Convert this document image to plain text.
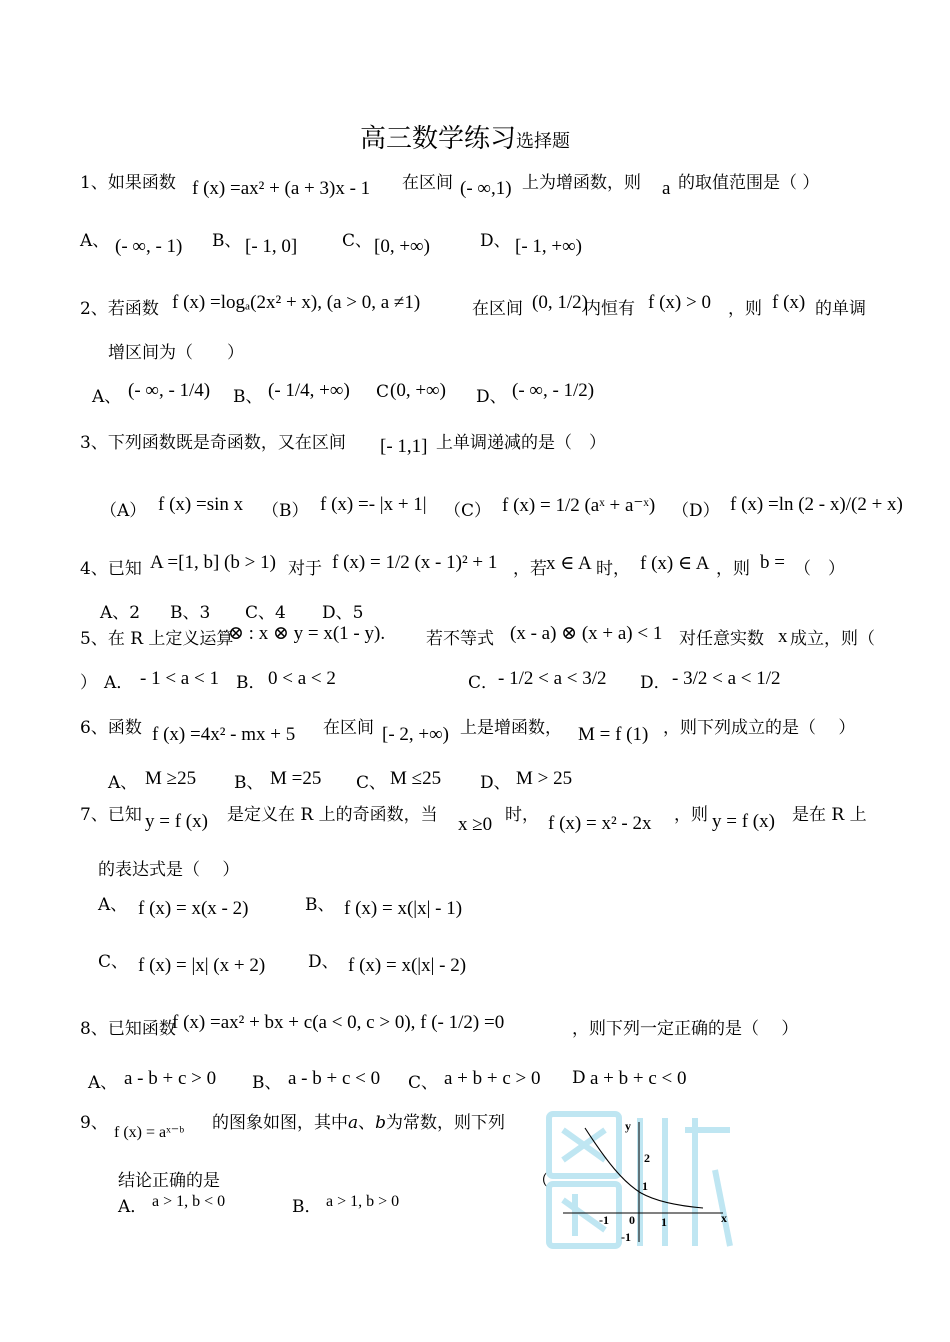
高三数学练习选择题
1、如果函数 f (x) =ax² + (a + 3)x - 1 在区间 (- ∞,1) 上为增函数，则 a 的取值范围是（ ）
A、 (- ∞, - 1) B、 [- 1, 0]	C、 [0, +∞)	D、 [- 1, +∞)
2、若函数 f (x) =logₐ(2x² + x), (a > 0, a ≠1)	在区间 (0, 1/2)
内恒有 f (x) > 0 ，则 f (x) 的单调
增区间为（　　）
A、 (- ∞, - 1/4) B、 (- 1/4, +∞) C (0, +∞) D、 (- ∞, - 1/2)
3、下列函数既是奇函数，又在区间 [- 1,1] 上单调递减的是（　）
（A） f (x) =sin x （B） f (x) =- |x + 1| （C） f (x) = 1/2 (aˣ + a⁻ˣ) （D） f (x) =ln (2 - x)/(2 + x)
4、已知 A =[1, b] (b > 1) 对于 f (x) = 1/2 (x - 1)² + 1 ，若 x ∈ A 时， f (x) ∈ A ，则 b = （　）
A、2 B、3 C、4 D、5
5、在 R 上定义运算
⊗ : x ⊗ y = x(1 - y). 若不等式 (x - a) ⊗ (x + a) < 1 对任意实数 x 成立，则（
） A． - 1 < a < 1 B． 0 < a < 2	C． - 1/2 < a < 3/2 D． - 3/2 < a < 1/2
6、函数 f (x) =4x² - mx + 5 在区间 [- 2, +∞) 上是增函数， M = f (1) ，则下列成立的是（　 ）
A、 M ≥25 B、 M =25 C、 M ≤25 D、 M > 25
7、已知 y = f (x) 是定义在 R 上的奇函数，当 x ≥0 时， f (x) = x² - 2x ，则 y = f (x) 是在 R 上
的表达式是（　 ）
A、 f (x) = x(x - 2)	B、 f (x) = x(|x| - 1)
C、 f (x) = |x| (x + 2)	D、 f (x) = x(|x| - 2)
8、已知函数
f (x) =ax² + bx + c(a < 0, c > 0), f (- 1/2) =0	，则下列一定正确的是（　 ）
A、 a - b + c > 0 B、 a - b + c < 0 C、 a + b + c > 0 D a + b + c < 0
9、 f (x) = aˣ⁻ᵇ 的图象如图，其中a、b为常数，则下列
结论正确的是	（
A． a > 1, b < 0	B． a > 1, b > 0
y
x
2
1
-1 0 1
-1
